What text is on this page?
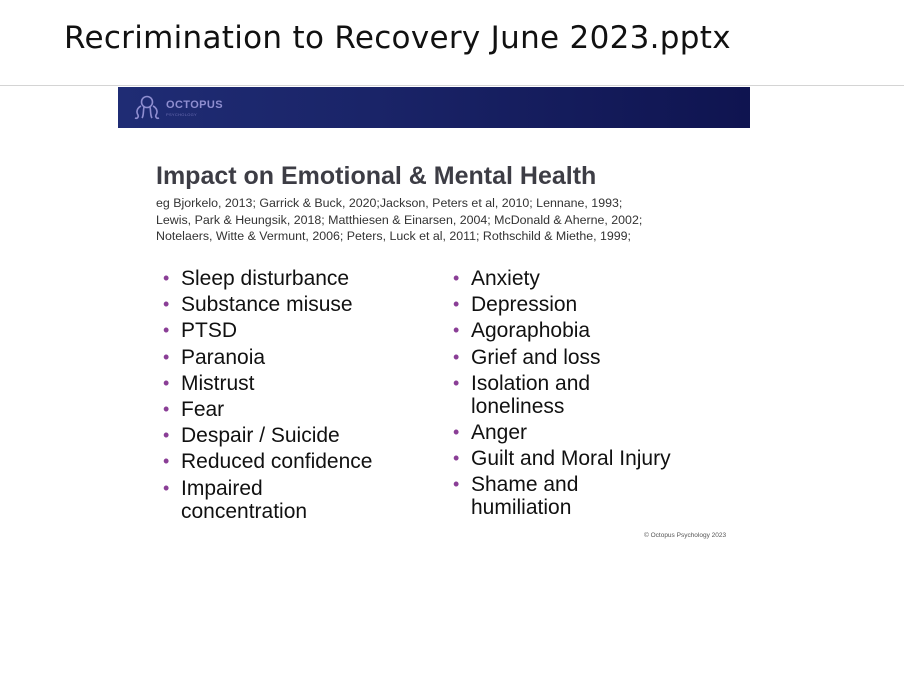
Recrimination to Recovery June 2023.pptx
OCTOPUS
PSYCHOLOGY
Impact on Emotional & Mental Health
eg Bjorkelo, 2013; Garrick & Buck, 2020;Jackson, Peters et al, 2010; Lennane, 1993;
Lewis, Park & Heungsik, 2018; Matthiesen & Einarsen, 2004; McDonald & Aherne, 2002;
Notelaers, Witte & Vermunt, 2006; Peters, Luck et al, 2011; Rothschild & Miethe, 1999;
• Sleep disturbance
• Substance misuse
• PTSD
• Paranoia
• Mistrust
• Fear
• Despair / Suicide
• Reduced confidence
• Impaired concentration
• Anxiety
• Depression
• Agoraphobia
• Grief and loss
• Isolation and loneliness
• Anger
• Guilt and Moral Injury
• Shame and humiliation
© Octopus Psychology 2023
